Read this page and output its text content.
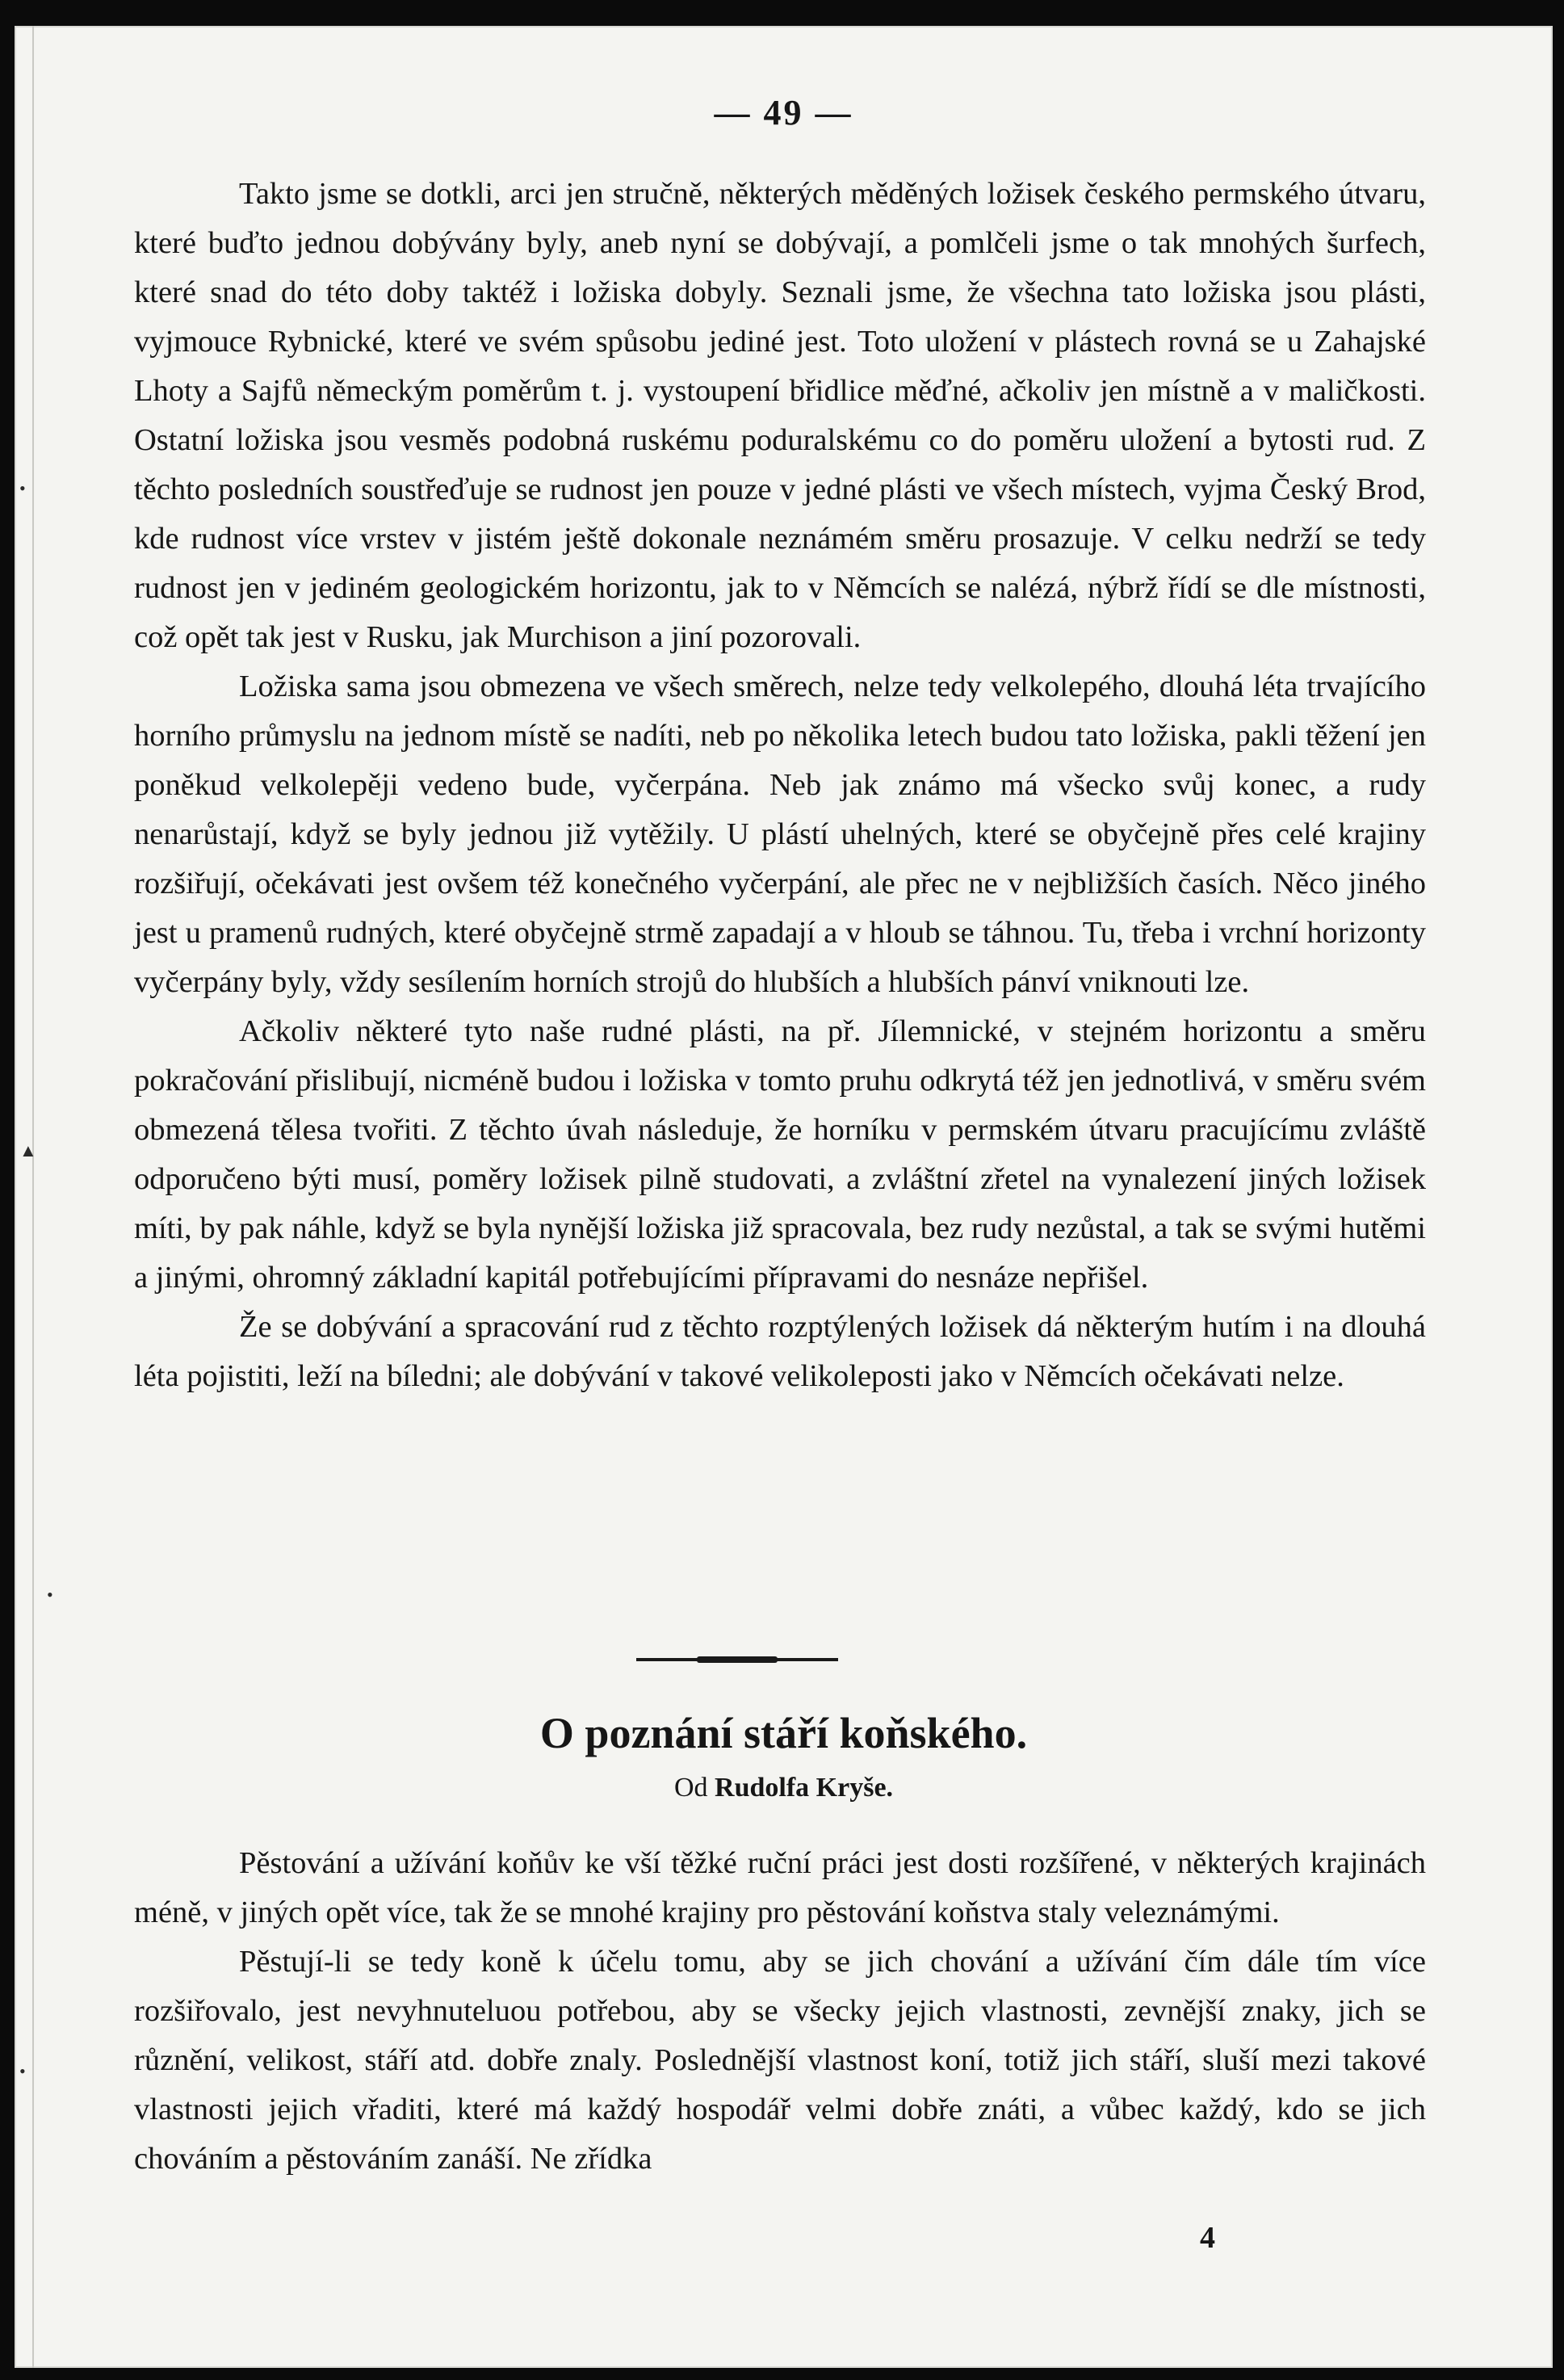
— 49 —

Takto jsme se dotkli, arci jen stručně, některých měděných ložisek českého permského útvaru, které buďto jednou dobývány byly, aneb nyní se dobývají, a pomlčeli jsme o tak mnohých šurfech, které snad do této doby taktéž i ložiska dobyly. Seznali jsme, že všechna tato ložiska jsou plásti, vyjmouce Rybnické, které ve svém spůsobu jediné jest. Toto uložení v plástech rovná se u Zahajské Lhoty a Sajfů německým poměrům t. j. vystoupení břidlice měďné, ačkoliv jen místně a v maličkosti. Ostatní ložiska jsou vesměs podobná ruskému poduralskému co do poměru uložení a bytosti rud. Z těchto posledních soustřeďuje se rudnost jen pouze v jedné plásti ve všech místech, vyjma Český Brod, kde rudnost více vrstev v jistém ještě dokonale neznámém směru prosazuje. V celku nedrží se tedy rudnost jen v jediném geologickém horizontu, jak to v Němcích se nalézá, nýbrž řídí se dle místnosti, což opět tak jest v Rusku, jak Murchison a jiní pozorovali.

Ložiska sama jsou obmezena ve všech směrech, nelze tedy velkolepého, dlouhá léta trvajícího horního průmyslu na jednom místě se nadíti, neb po několika letech budou tato ložiska, pakli těžení jen poněkud velkolepěji vedeno bude, vyčerpána. Neb jak známo má všecko svůj konec, a rudy nenarůstají, když se byly jednou již vytěžily. U plástí uhelných, které se obyčejně přes celé krajiny rozšiřují, očekávati jest ovšem též konečného vyčerpání, ale přec ne v nejbližších časích. Něco jiného jest u pramenů rudných, které obyčejně strmě zapadají a v hloub se táhnou. Tu, třeba i vrchní horizonty vyčerpány byly, vždy sesílením horních strojů do hlubších a hlubších pánví vniknouti lze.

Ačkoliv některé tyto naše rudné plásti, na př. Jílemnické, v stejném horizontu a směru pokračování přislibují, nicméně budou i ložiska v tomto pruhu odkrytá též jen jednotlivá, v směru svém obmezená tělesa tvořiti. Z těchto úvah následuje, že horníku v permském útvaru pracujícímu zvláště odporučeno býti musí, poměry ložisek pilně studovati, a zvláštní zřetel na vynalezení jiných ložisek míti, by pak náhle, když se byla nynější ložiska již spracovala, bez rudy nezůstal, a tak se svými hutěmi a jinými, ohromný základní kapitál potřebujícími přípravami do nesnáze nepřišel.

Že se dobývání a spracování rud z těchto rozptýlených ložisek dá některým hutím i na dlouhá léta pojistiti, leží na bíledni; ale dobývání v takové velikoleposti jako v Němcích očekávati nelze.

O poznání stáří koňského.
Od Rudolfa Kryše.

Pěstování a užívání koňův ke vší těžké ruční práci jest dosti rozšířené, v některých krajinách méně, v jiných opět více, tak že se mnohé krajiny pro pěstování koňstva staly veleznámými.

Pěstují-li se tedy koně k účelu tomu, aby se jich chování a užívání čím dále tím více rozšiřovalo, jest nevyhnuteluou potřebou, aby se všecky jejich vlastnosti, zevnější znaky, jich se různění, velikost, stáří atd. dobře znaly. Poslednější vlastnost koní, totiž jich stáří, sluší mezi takové vlastnosti jejich vřaditi, které má každý hospodář velmi dobře znáti, a vůbec každý, kdo se jich chováním a pěstováním zanáší. Ne zřídka

4
•
▲
•
•
